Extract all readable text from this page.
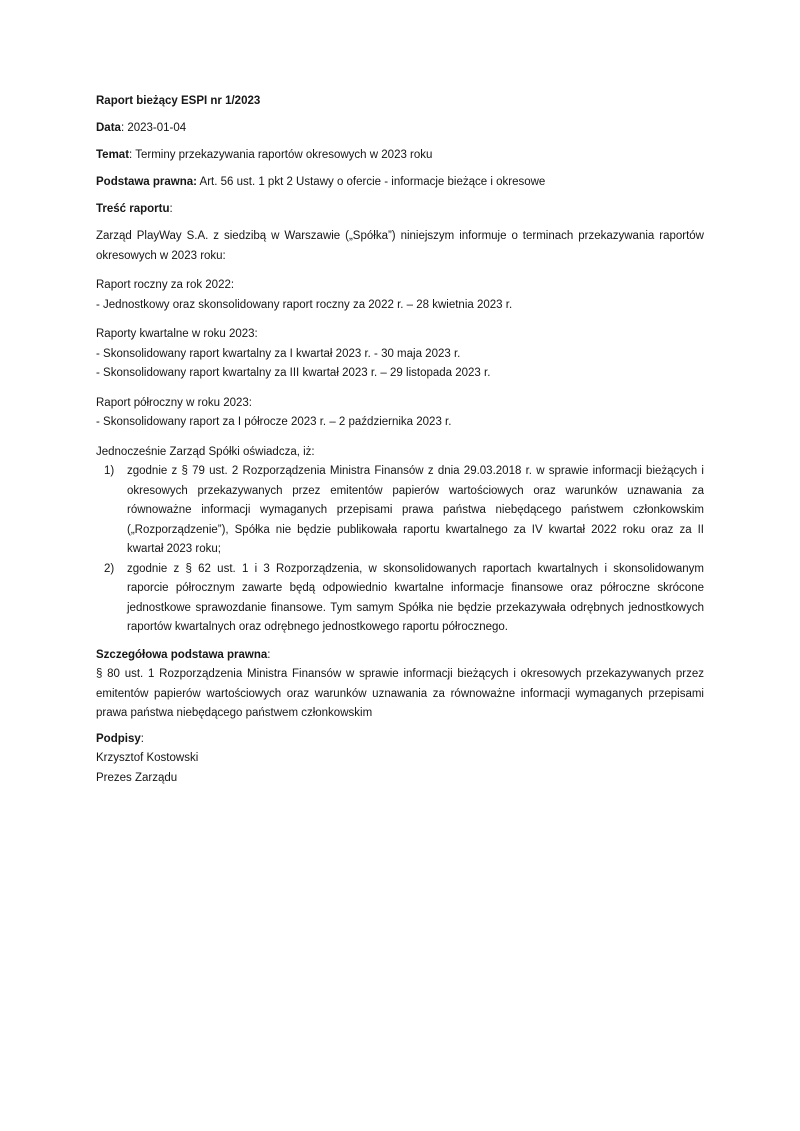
Raport bieżący ESPI nr 1/2023

Data: 2023-01-04

Temat: Terminy przekazywania raportów okresowych w 2023 roku

Podstawa prawna: Art. 56 ust. 1 pkt 2 Ustawy o ofercie - informacje bieżące i okresowe

Treść raportu:

Zarząd PlayWay S.A. z siedzibą w Warszawie („Spółka”) niniejszym informuje o terminach przekazywania raportów okresowych w 2023 roku:

Raport roczny za rok 2022:
- Jednostkowy oraz skonsolidowany raport roczny za 2022 r. – 28 kwietnia 2023 r.
Raporty kwartalne w roku 2023:
- Skonsolidowany raport kwartalny za I kwartał 2023 r. - 30 maja 2023 r.
- Skonsolidowany raport kwartalny za III kwartał 2023 r. – 29 listopada 2023 r.
Raport półroczny w roku 2023:
- Skonsolidowany raport za I półrocze 2023 r. – 2 października 2023 r.
Jednocześnie Zarząd Spółki oświadcza, iż:
1) zgodnie z § 79 ust. 2 Rozporządzenia Ministra Finansów z dnia 29.03.2018 r. w sprawie informacji bieżących i okresowych przekazywanych przez emitentów papierów wartościowych oraz warunków uznawania za równoważne informacji wymaganych przepisami prawa państwa niebędącego państwem członkowskim („Rozporządzenie”), Spółka nie będzie publikowała raportu kwartalnego za IV kwartał 2022 roku oraz za II kwartał 2023 roku;
2) zgodnie z § 62 ust. 1 i 3 Rozporządzenia, w skonsolidowanych raportach kwartalnych i skonsolidowanym raporcie półrocznym zawarte będą odpowiednio kwartalne informacje finansowe oraz półroczne skrócone jednostkowe sprawozdanie finansowe. Tym samym Spółka nie będzie przekazywała odrębnych jednostkowych raportów kwartalnych oraz odrębnego jednostkowego raportu półrocznego.
Szczegółowa podstawa prawna:
§ 80 ust. 1 Rozporządzenia Ministra Finansów w sprawie informacji bieżących i okresowych przekazywanych przez emitentów papierów wartościowych oraz warunków uznawania za równoważne informacji wymaganych przepisami prawa państwa niebędącego państwem członkowskim
Podpisy:
Krzysztof Kostowski
Prezes Zarządu
